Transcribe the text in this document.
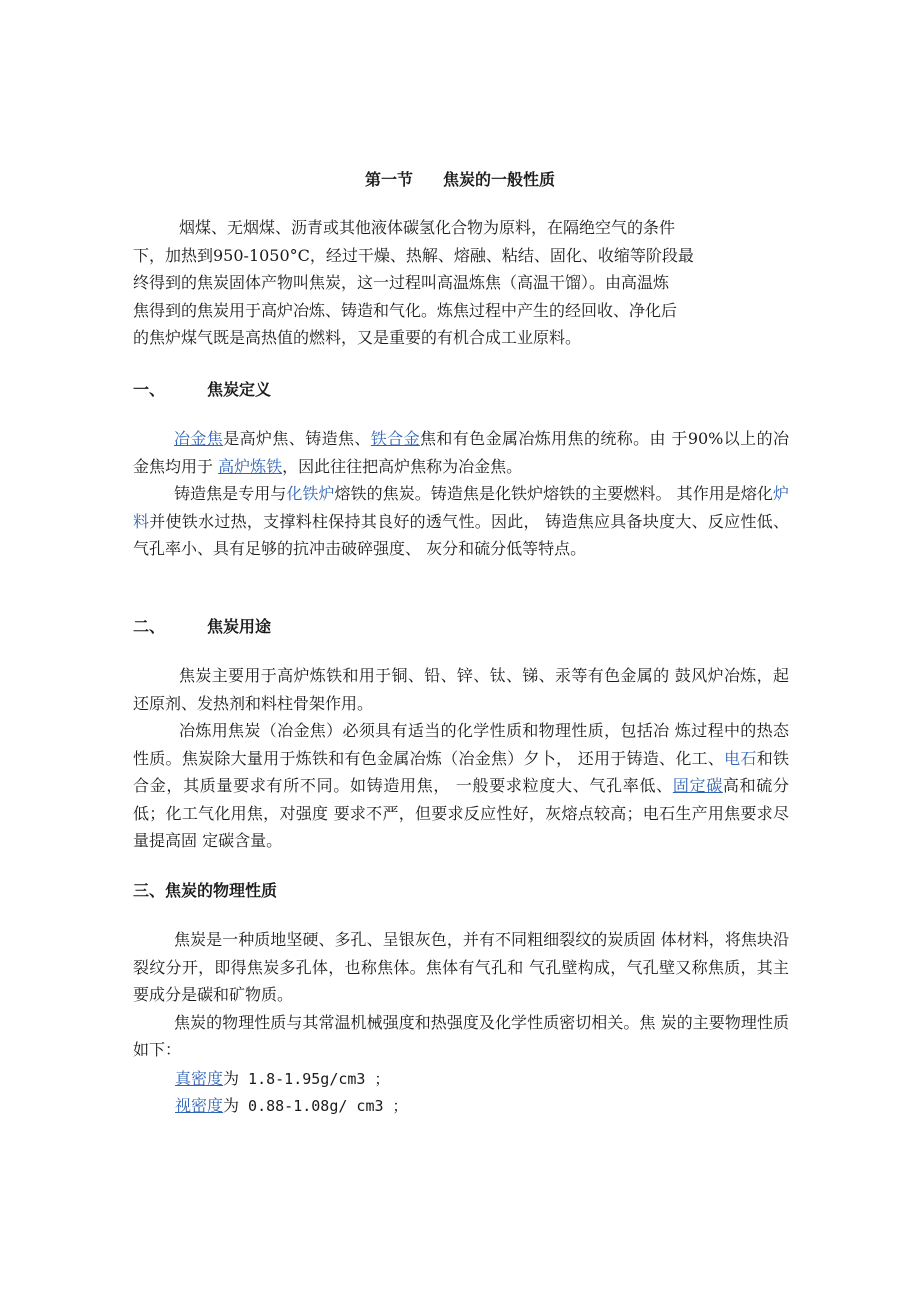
第一节 焦炭的一般性质

烟煤、无烟煤、沥青或其他液体碳氢化合物为原料，在隔绝空气的条件

下，加热到950-1050°C，经过干燥、热解、熔融、粘结、固化、收缩等阶段最

终得到的焦炭固体产物叫焦炭，这一过程叫高温炼焦（高温干馏）。由高温炼

焦得到的焦炭用于高炉冶炼、铸造和气化。炼焦过程中产生的经回收、净化后

的焦炉煤气既是高热值的燃料，又是重要的有机合成工业原料。

一、	焦炭定义

冶金焦是高炉焦、铸造焦、铁合金焦和有色金属冶炼用焦的统称。由 于90%以上的冶金焦均用于 高炉炼铁，因此往往把高炉焦称为冶金焦。

铸造焦是专用与化铁炉熔铁的焦炭。铸造焦是化铁炉熔铁的主要燃料。 其作用是熔化炉料并使铁水过热，支撑料柱保持其良好的透气性。因此， 铸造焦应具备块度大、反应性低、气孔率小、具有足够的抗冲击破碎强度、 灰分和硫分低等特点。

二、	焦炭用途

焦炭主要用于高炉炼铁和用于铜、铅、锌、钛、锑、汞等有色金属的 鼓风炉冶炼，起还原剂、发热剂和料柱骨架作用。

冶炼用焦炭（冶金焦）必须具有适当的化学性质和物理性质，包括冶 炼过程中的热态性质。焦炭除大量用于炼铁和有色金属冶炼（冶金焦）夕卜， 还用于铸造、化工、电石和铁合金，其质量要求有所不同。如铸造用焦， 一般要求粒度大、气孔率低、固定碳高和硫分低；化工气化用焦，对强度 要求不严，但要求反应性好，灰熔点较高；电石生产用焦要求尽量提高固 定碳含量。

三、焦炭的物理性质

焦炭是一种质地坚硬、多孔、呈银灰色，并有不同粗细裂纹的炭质固 体材料，将焦块沿裂纹分开，即得焦炭多孔体，也称焦体。焦体有气孔和 气孔壁构成，气孔壁又称焦质，其主要成分是碳和矿物质。

焦炭的物理性质与其常温机械强度和热强度及化学性质密切相关。焦 炭的主要物理性质如下：

真密度为 1.8-1.95g/cm3 ；
视密度为 0.88-1.08g/ cm3 ；
